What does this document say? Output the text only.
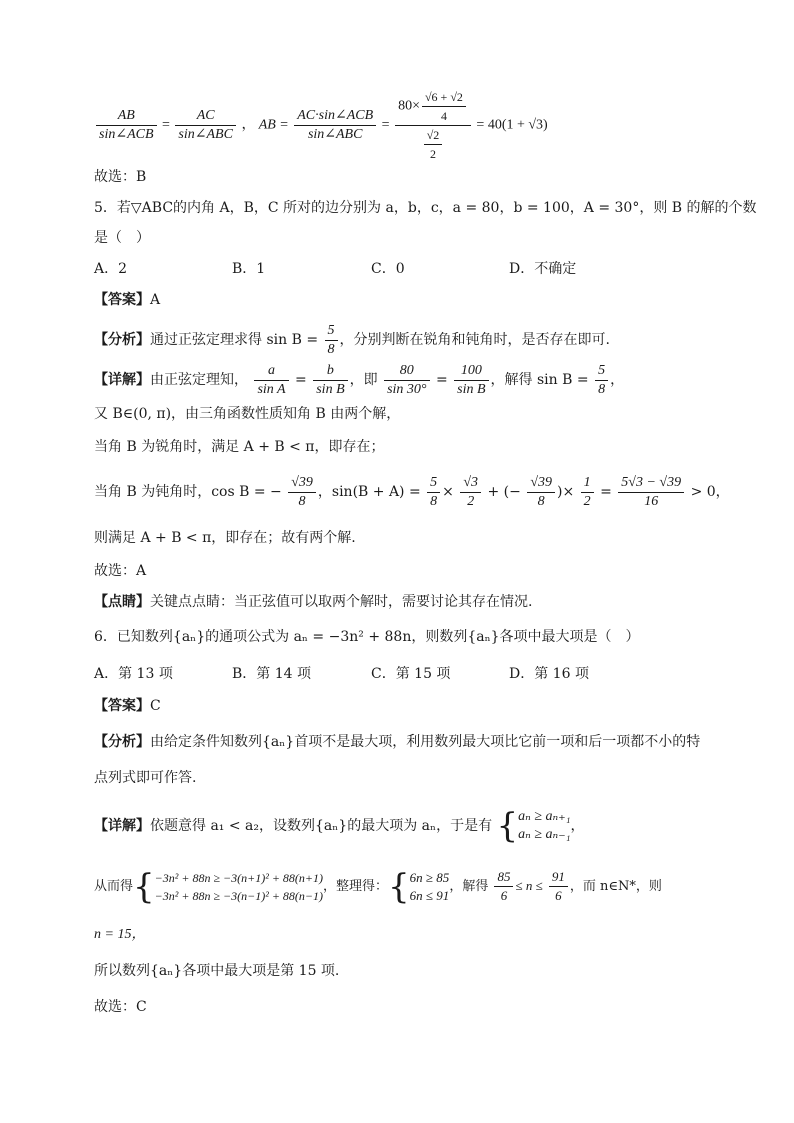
$\frac{AB}{\text{sin∠ACB}} = \frac{AC}{\text{sin∠ABC}}$ ， AB = $\frac{\text{AC·sin∠ACB}}{\text{sin∠ABC}} = \frac{80\times \frac{√6 + √2}{4}}{\frac{√2}{2}} = 40(1 + √3)$
故选：B
5．若▽ABC的内角 A，B，C 所对的边分别为 a，b，c，a = 80，b = 100，A = 30°，则 B 的解的个数
是（　）
A．2	B．1	C．0	D．不确定
【答案】A
【分析】通过正弦定理求得 $\sin B = \frac{5}{8}$ ，分别判断在锐角和钝角时，是否存在即可.
【详解】由正弦定理知， $\frac{a}{\text{sin A}} = \frac{b}{\text{sin B}}$ ，即 $\frac{80}{\sin 30^\circ} = \frac{100}{\text{sin B}}$ ，解得 $\sin B = \frac{5}{8}$ ，
又 B∈(0, π)，由三角函数性质知角 B 由两个解，
当角 B 为锐角时，满足 A + B < π，即存在；
当角 B 为钝角时，cos B = − $\frac{√39}{8}$ ，$\sin(B + A) = \frac{5}{8} \times \frac{√3}{2}$ + (− $\frac{√39}{8}$ )× $\frac{1}{2} = \frac{5√3 - √39}{16} > 0$，
则满足 A + B < π，即存在；故有两个解.
故选：A
【点睛】关键点点睛：当正弦值可以取两个解时，需要讨论其存在情况.
6．已知数列{aₙ}的通项公式为 aₙ = −3n² + 88n，则数列{aₙ}各项中最大项是（　）
A．第 13 项	B．第 14 项	C．第 15 项	D．第 16 项
【答案】C
【分析】由给定条件知数列{aₙ}首项不是最大项，利用数列最大项比它前一项和后一项都不小的特
点列式即可作答.
【详解】依题意得 a₁ < a₂，设数列{aₙ}的最大项为 aₙ，于是有 { aₙ ≥ aₙ₊₁
aₙ ≥ aₙ₋₁
，
从而得{ −3n² + 88n ≥ −3(n+1)² + 88(n+1)
−3n² + 88n ≥ −3(n−1)² + 88(n−1)
，整理得：{ 6n ≥ 85
6n ≤ 91
，解得 $\frac{85}{6} \le n \le \frac{91}{6}$ ，而 n∈N*，则
n = 15，
所以数列{aₙ}各项中最大项是第 15 项.
故选：C
